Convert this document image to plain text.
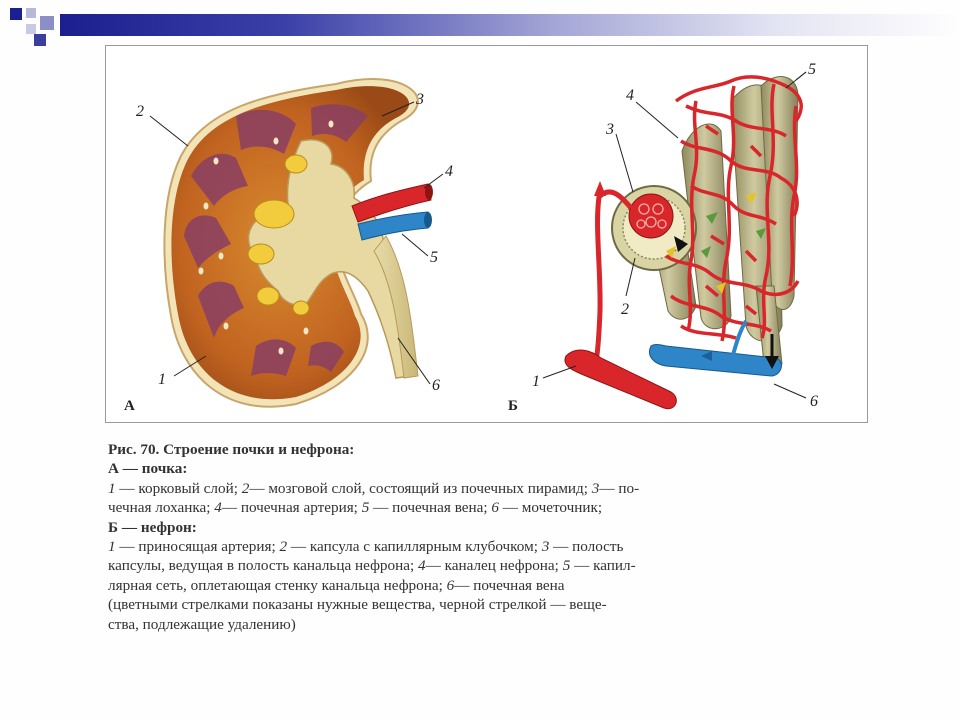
2
3
4
5
6
1
А
5
4
3
2
1
6
Б
Рис. 70. Строение почки и нефрона:
А — почка:
1 — корковый слой; 2— мозговой слой, состоящий из почечных пирамид; 3— по-
чечная лоханка; 4— почечная артерия; 5 — почечная вена; 6 — мочеточник;
Б — нефрон:
1 — приносящая артерия; 2 — капсула с капиллярным клубочком; 3 — полость
капсулы, ведущая в полость канальца нефрона; 4— каналец нефрона; 5 — капил-
лярная сеть, оплетающая стенку канальца нефрона; 6— почечная вена
(цветными стрелками показаны нужные вещества, черной стрелкой — веще-
ства, подлежащие удалению)
